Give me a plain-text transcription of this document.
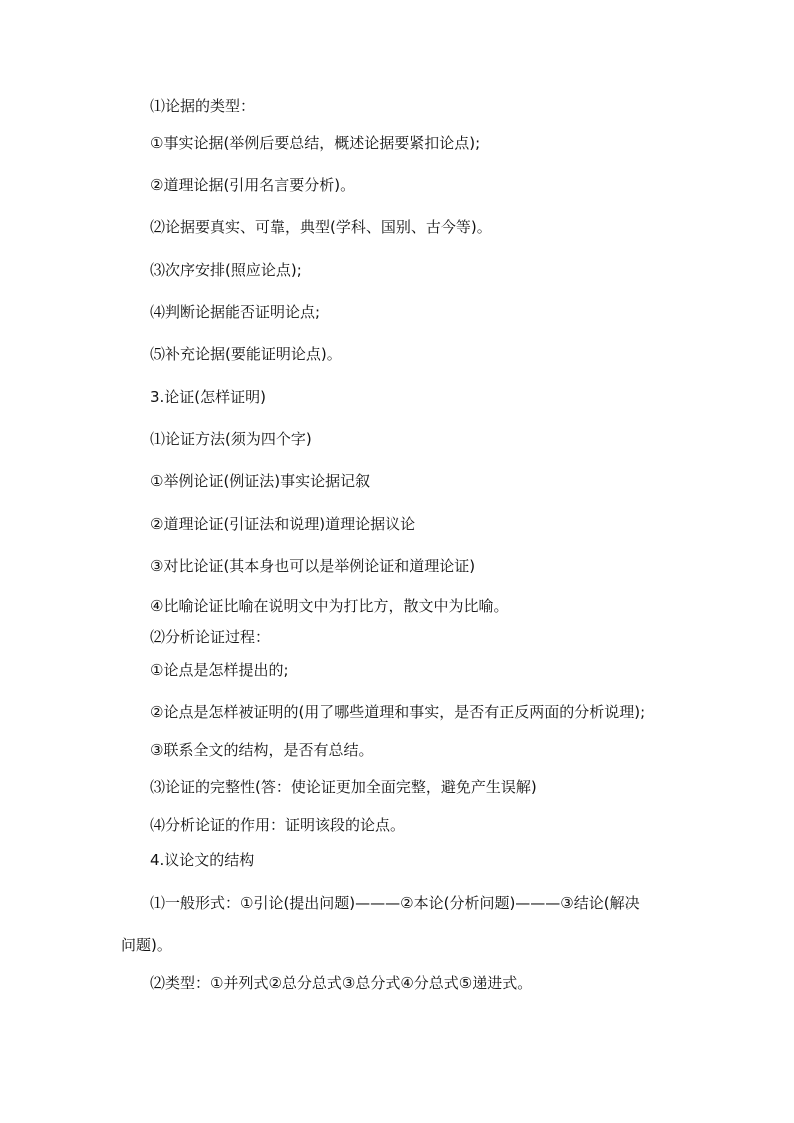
⑴论据的类型：
①事实论据(举例后要总结，概述论据要紧扣论点);
②道理论据(引用名言要分析)。
⑵论据要真实、可靠，典型(学科、国别、古今等)。
⑶次序安排(照应论点);
⑷判断论据能否证明论点;
⑸补充论据(要能证明论点)。
3.论证(怎样证明)
⑴论证方法(须为四个字)
①举例论证(例证法)事实论据记叙
②道理论证(引证法和说理)道理论据议论
③对比论证(其本身也可以是举例论证和道理论证)
④比喻论证比喻在说明文中为打比方，散文中为比喻。
⑵分析论证过程：
①论点是怎样提出的;
②论点是怎样被证明的(用了哪些道理和事实，是否有正反两面的分析说理);
③联系全文的结构，是否有总结。
⑶论证的完整性(答：使论证更加全面完整，避免产生误解)
⑷分析论证的作用：证明该段的论点。
4.议论文的结构
⑴一般形式：①引论(提出问题)———②本论(分析问题)———③结论(解决
问题)。
⑵类型：①并列式②总分总式③总分式④分总式⑤递进式。
